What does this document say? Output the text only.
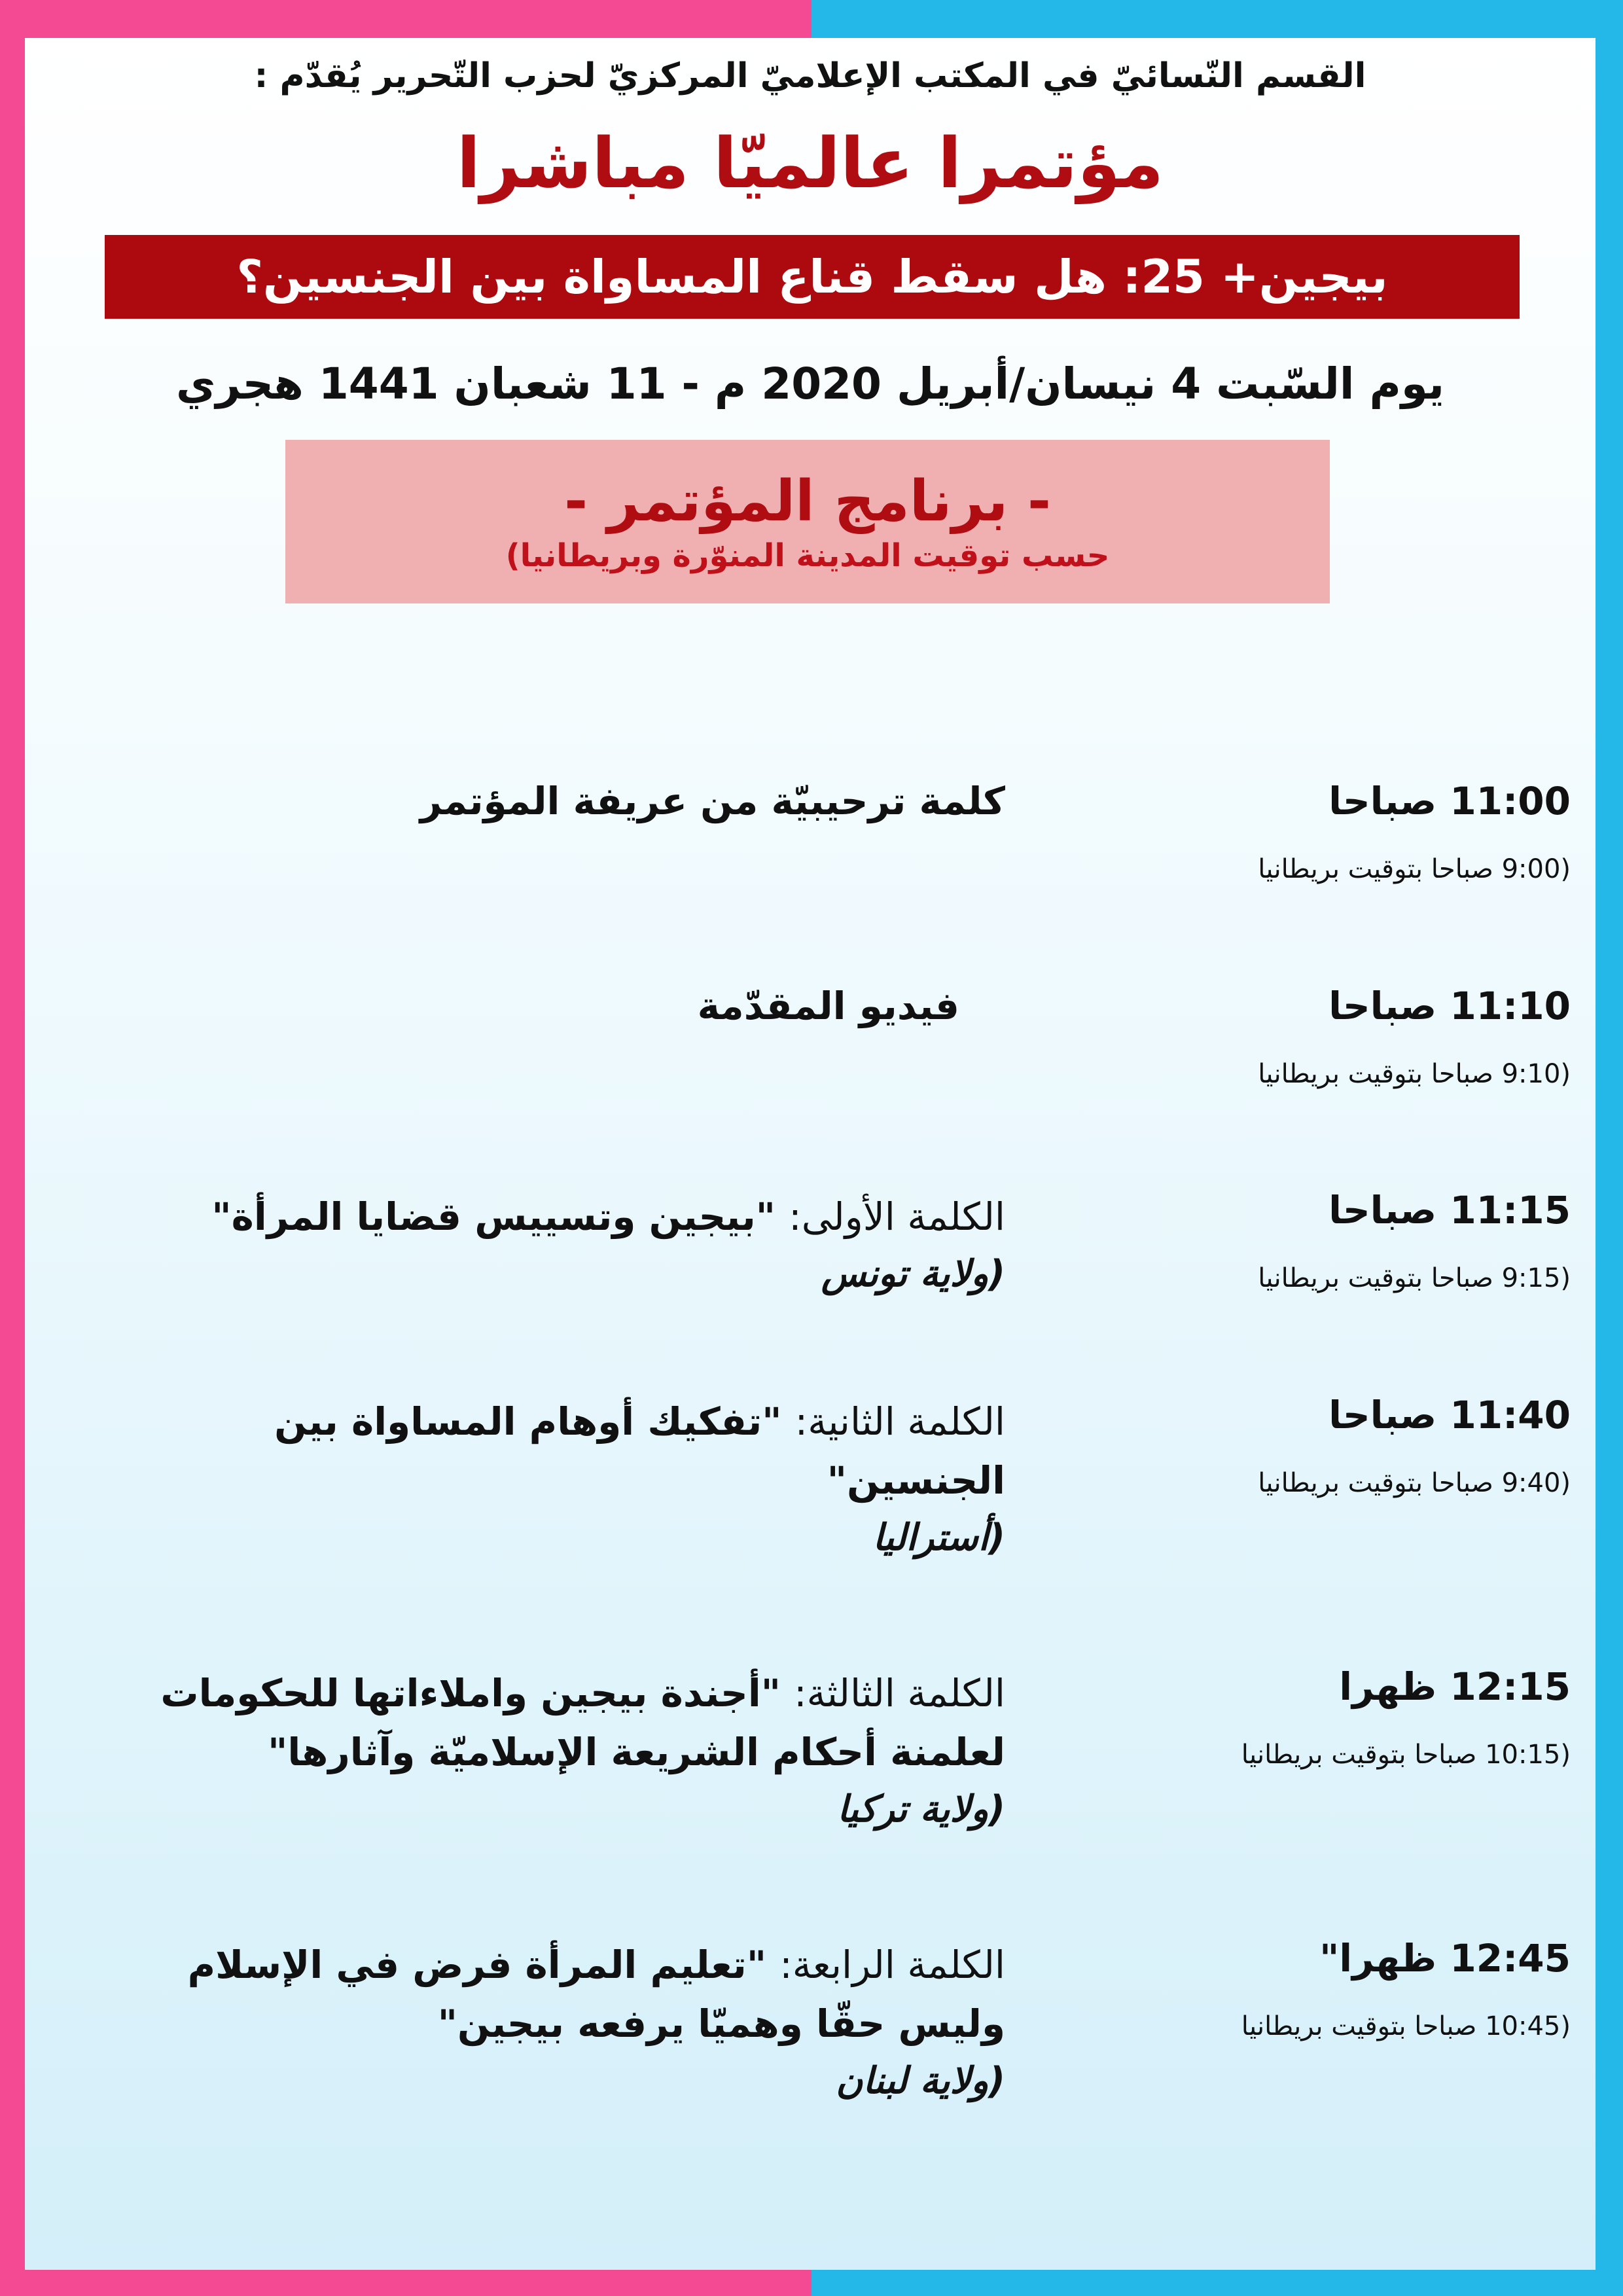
القسم النّسائيّ في المكتب الإعلاميّ المركزيّ لحزب التّحرير يُقدّم :
مؤتمرا عالميّا مباشرا
بيجين+ 25: هل سقط قناع المساواة بين الجنسين؟
يوم السّبت 4 نيسان/أبريل 2020 م - 11 شعبان 1441 هجري
- برنامج المؤتمر -
حسب توقيت المدينة المنوّرة وبريطانيا)
11:00 صباحا
(9:00 صباحا بتوقيت بريطانيا
كلمة ترحيبيّة من عريفة المؤتمر
11:10 صباحا
(9:10 صباحا بتوقيت بريطانيا
فيديو المقدّمة
11:15 صباحا
(9:15 صباحا بتوقيت بريطانيا
الكلمة الأولى: "بيجين وتسييس قضايا المرأة"
(ولاية تونس
11:40 صباحا
(9:40 صباحا بتوقيت بريطانيا
الكلمة الثانية: "تفكيك أوهام المساواة بين
الجنسين"
(أستراليا
12:15 ظهرا
(10:15 صباحا بتوقيت بريطانيا
الكلمة الثالثة: "أجندة بيجين واملاءاتها للحكومات
لعلمنة أحكام الشريعة الإسلاميّة وآثارها"
(ولاية تركيا
12:45 ظهرا"
(10:45 صباحا بتوقيت بريطانيا
الكلمة الرابعة: "تعليم المرأة فرض في الإسلام
وليس حقّا وهميّا يرفعه بيجين"
(ولاية لبنان
